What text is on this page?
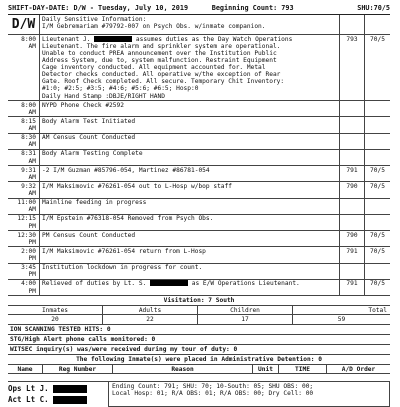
SHIFT-DAY-DATE: D/W - Tuesday, July 10, 2019	Beginning Count: 793	SHU:70/5
D/W	Daily Sensitive Information:
I/M Gebremariam #79792-007 on Psych Obs. w/inmate companion.
8:00 AM
Lieutenant J.	assumes duties as the Day Watch Operations
Lieutenant. The fire alarm and sprinkler system are operational.
Unable to conduct PREA announcement over the Institution Public
Address System, due to, system malfunction. Restraint Equipment
Cage inventory conducted. All equipment accounted for. Metal
Detector checks conducted. All operative w/the exception of Rear
Gate. Roof Check completed. All secure. Temporary Chit Inventory:
#1:0; #2:5; #3:5; #4:6; #5:6; #6:5; Hosp:0
Daily Hand Stamp :DBJE/RIGHT HAND
793	70/5
8:00 AM
NYPD Phone Check #2592
8:15 AM
Body Alarm Test Initiated
8:30 AM
AM Census Count Conducted
8:31 AM
Body Alarm Testing Complete
9:31 AM
-2 I/M Guzman #85796-054, Martinez #86781-054	791	70/5
9:32 AM
I/M Maksimovic #76261-054 out to L-Hosp w/bop staff	790	70/5
11:00 AM
Mainline feeding in progress
12:15 PM
I/M Epstein #76318-054 Removed from Psych Obs.
12:30 PM
PM Census Count Conducted	790	70/5
2:00 PM
I/M Maksimovic #76261-054 return from L-Hosp	791	70/5
3:45 PM
Institution lockdown in progress for count.
4:00 PM
Relieved of duties by Lt. S.	as E/W Operations Lieutenant.	791	70/5
Visitation: 7 South
Inmates	Adults	Children	Total
20	22	17	59
ION SCANNING TESTED HITS: 0
STG/High Alert phone calls monitored: 0
WITSEC inquiry(s) was/were received during my tour of duty: 0
The following Inmate(s) were placed in Administrative Detention: 0
Name	Reg Number	Reason	Unit	TIME	A/D Order
Ops Lt J.
Act Lt C.
Ending Count: 791; SHU: 70; 10-South: 05; SHU OBS: 00;
Local Hosp: 01; R/A OBS: 01; R/A OBS: 00; Dry Cell: 00
